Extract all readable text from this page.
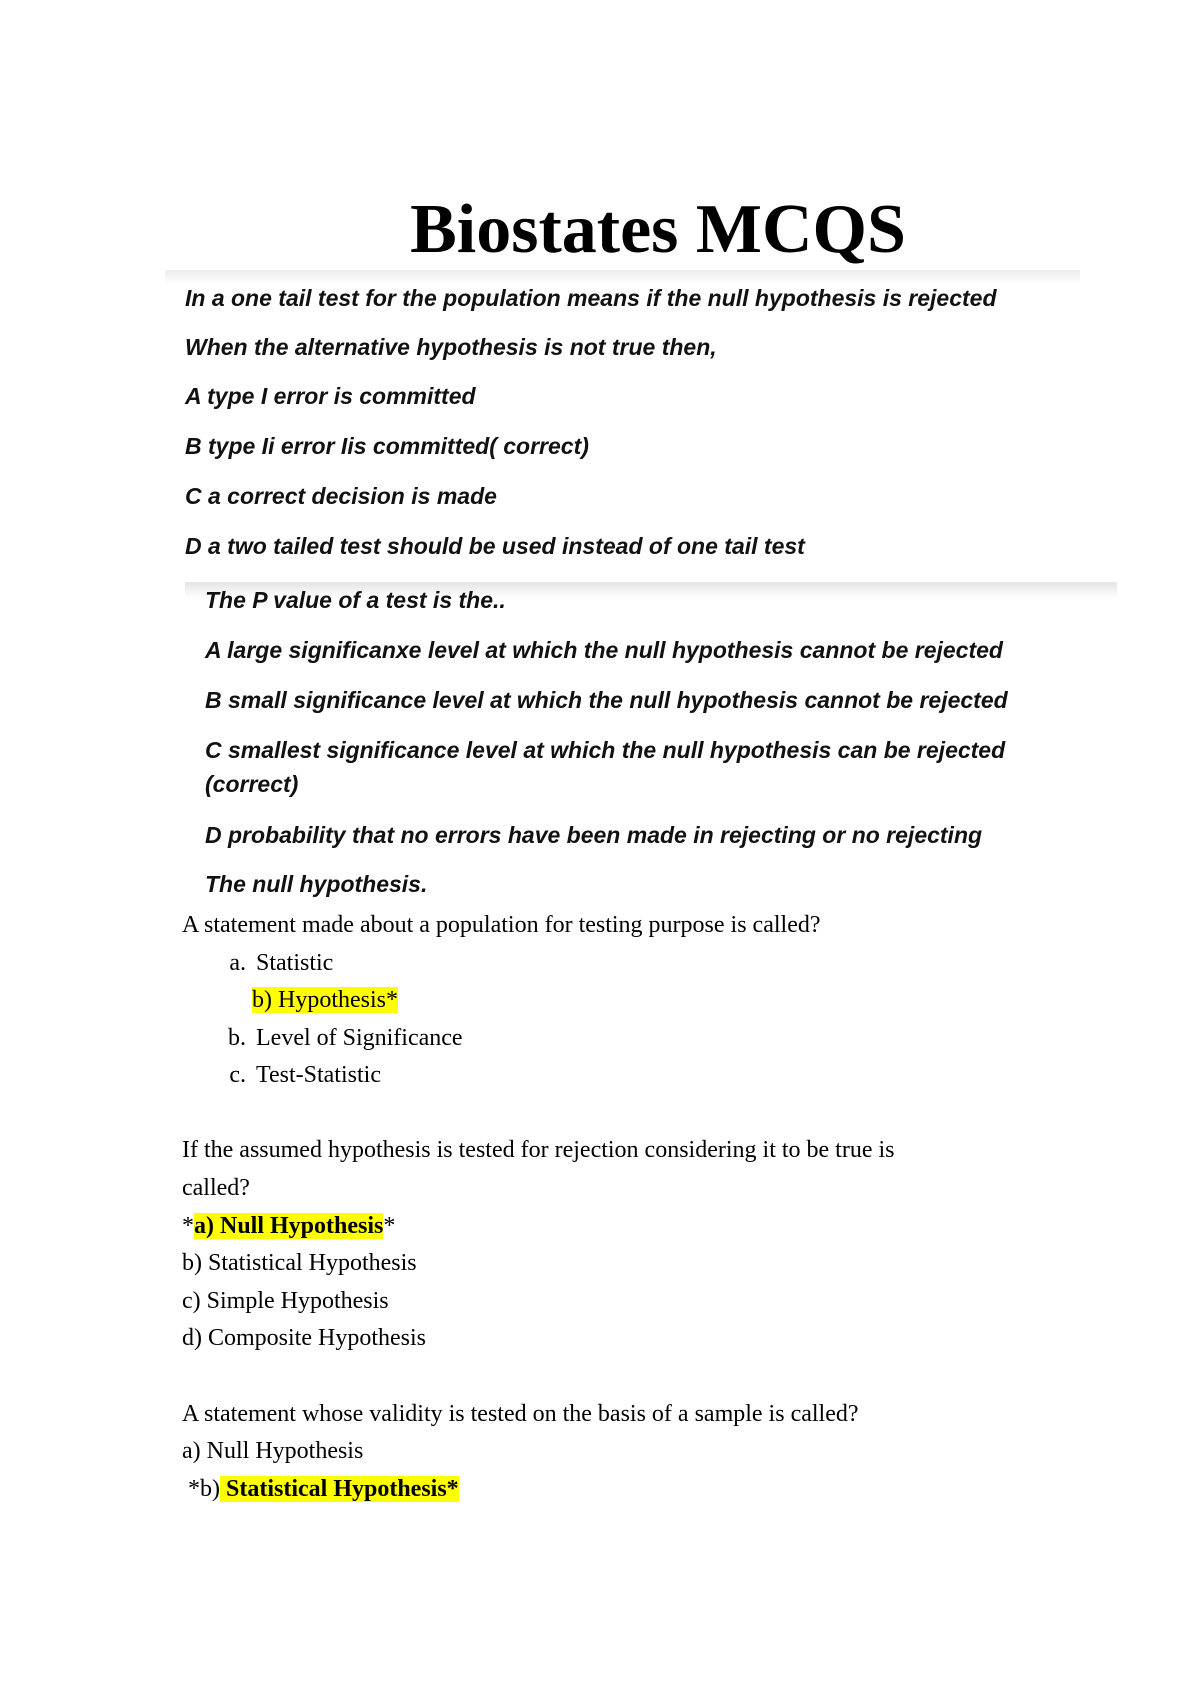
Biostates MCQS

In a one tail test for the population means if the null hypothesis is rejected

When the alternative hypothesis is not true then,

A type I error is committed

B type Ii error Iis committed( correct)

C a correct decision is made

D a two tailed test should be used instead of one tail test

The P value of a test is the..

A large significanxe level at which the null hypothesis cannot be rejected

B small significance level at which the null hypothesis cannot be rejected

C smallest significance level at which the null hypothesis can be rejected

(correct)

D probability that no errors have been made in rejecting or no rejecting

The null hypothesis.

A statement made about a population for testing purpose is called?

a. Statistic

b) Hypothesis*

b. Level of Significance

c. Test-Statistic

If the assumed hypothesis is tested for rejection considering it to be true is

called?

*a) Null Hypothesis*

b) Statistical Hypothesis

c) Simple Hypothesis

d) Composite Hypothesis

A statement whose validity is tested on the basis of a sample is called?

a) Null Hypothesis

*b) Statistical Hypothesis*
